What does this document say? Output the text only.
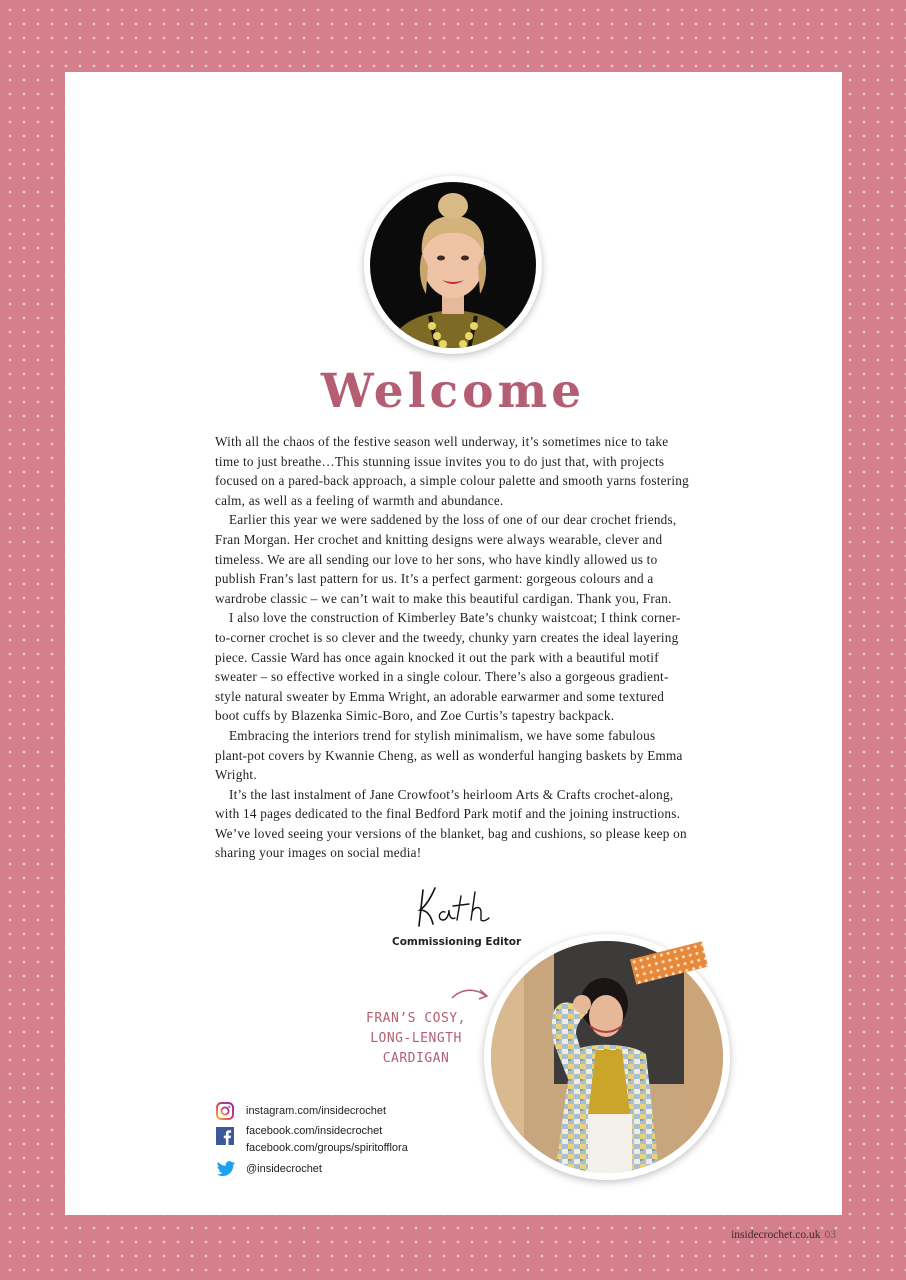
Welcome

With all the chaos of the festive season well underway, it’s sometimes nice to take time to just breathe…This stunning issue invites you to do just that, with projects focused on a pared-back approach, a simple colour palette and smooth yarns fostering calm, as well as a feeling of warmth and abundance.

Earlier this year we were saddened by the loss of one of our dear crochet friends, Fran Morgan. Her crochet and knitting designs were always wearable, clever and timeless. We are all sending our love to her sons, who have kindly allowed us to publish Fran’s last pattern for us. It’s a perfect garment: gorgeous colours and a wardrobe classic – we can’t wait to make this beautiful cardigan. Thank you, Fran.

I also love the construction of Kimberley Bate’s chunky waistcoat; I think corner-to-corner crochet is so clever and the tweedy, chunky yarn creates the ideal layering piece. Cassie Ward has once again knocked it out the park with a beautiful motif sweater – so effective worked in a single colour. There’s also a gorgeous gradient-style natural sweater by Emma Wright, an adorable earwarmer and some textured boot cuffs by Blazenka Simic-Boro, and Zoe Curtis’s tapestry backpack.

Embracing the interiors trend for stylish minimalism, we have some fabulous plant-pot covers by Kwannie Cheng, as well as wonderful hanging baskets by Emma Wright.

It’s the last instalment of Jane Crowfoot’s heirloom Arts & Crafts crochet-along, with 14 pages dedicated to the final Bedford Park motif and the joining instructions. We’ve loved seeing your versions of the blanket, bag and cushions, so please keep on sharing your images on social media!

Commissioning Editor
FRAN’S COSY,
LONG-LENGTH
CARDIGAN
instagram.com/insidecrochet
facebook.com/insidecrochet
facebook.com/groups/spiritofflora
@insidecrochet
insidecrochet.co.uk 03
